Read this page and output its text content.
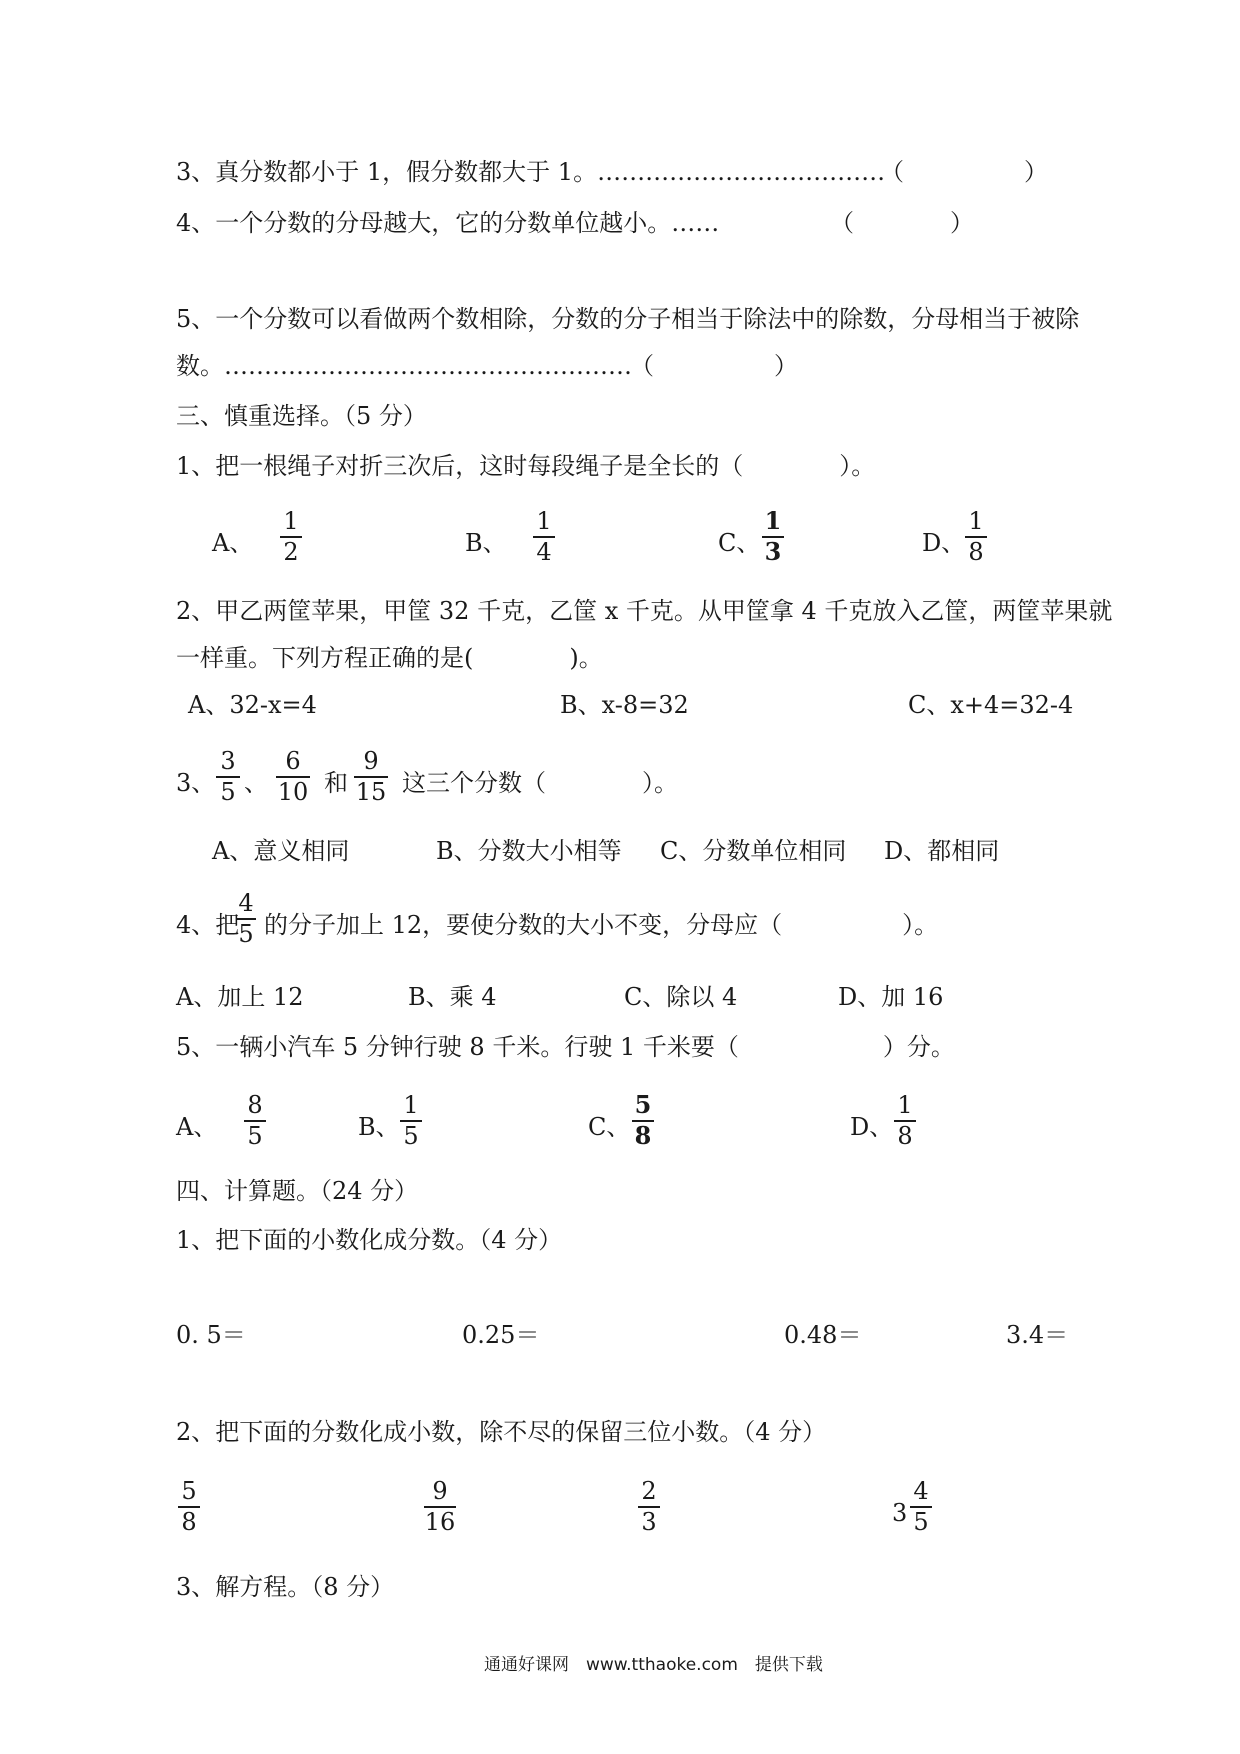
3、真分数都小于 1，假分数都大于 1。………………………………
（　　　　　）
4、一个分数的分母越大，它的分数单位越小。……	（　　　　）
5、一个分数可以看做两个数相除，分数的分子相当于除法中的除数，分母相当于被除
数。……………………………………………
（　　　　　）
三、慎重选择。（5 分）
1、把一根绳子对折三次后，这时每段绳子是全长的（　　　　）。
A、
1
2	B、
1
4	C、
1
3	D、
1
8
2、甲乙两筐苹果，甲筐 32 千克，乙筐 x 千克。从甲筐拿 4 千克放入乙筐，两筐苹果就
一样重。下列方程正确的是(　　　　)。
A、32-x=4	B、x-8=32	C、x+4=32-4
3、
3
5 、
6
10 和
9
15 这三个分数（　　　　）。
A、意义相同	B、分数大小相等 C、分数单位相同 D、都相同
4、把
4
5 的分子加上 12，要使分数的大小不变，分母应（　　　　　）。
A、加上 12	B、乘 4	C、除以 4	D、加 16
5、一辆小汽车 5 分钟行驶 8 千米。行驶 1 千米要（　　　　　　）分。
A、
8
5	B、
1
5	C、
5
8	D、
1
8
四、计算题。（24 分）
1、把下面的小数化成分数。（4 分）
0. 5＝	0.25＝	0.48＝	3.4＝
2、把下面的分数化成小数，除不尽的保留三位小数。（4 分）
5
8
9
16
2
3	3
4
5
3、解方程。（8 分）
通通好课网　www.tthaoke.com　提供下载
